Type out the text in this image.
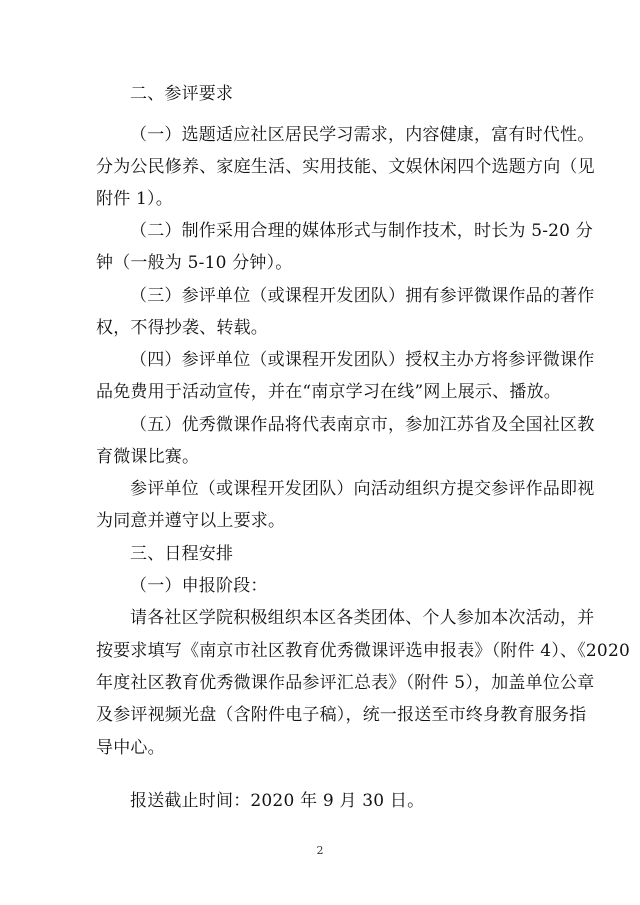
二、参评要求
（一）选题适应社区居民学习需求，内容健康，富有时代性。
分为公民修养、家庭生活、实用技能、文娱休闲四个选题方向（见
附件 1）。
（二）制作采用合理的媒体形式与制作技术，时长为 5-20 分
钟（一般为 5-10 分钟）。
（三）参评单位（或课程开发团队）拥有参评微课作品的著作
权，不得抄袭、转载。
（四）参评单位（或课程开发团队）授权主办方将参评微课作
品免费用于活动宣传，并在“南京学习在线”网上展示、播放。
（五）优秀微课作品将代表南京市，参加江苏省及全国社区教
育微课比赛。
参评单位（或课程开发团队）向活动组织方提交参评作品即视
为同意并遵守以上要求。
三、日程安排
（一）申报阶段：
请各社区学院积极组织本区各类团体、个人参加本次活动，并
按要求填写《南京市社区教育优秀微课评选申报表》（附件 4）、《2020
年度社区教育优秀微课作品参评汇总表》（附件 5），加盖单位公章
及参评视频光盘（含附件电子稿），统一报送至市终身教育服务指
导中心。
报送截止时间：2020 年 9 月 30 日。
2
